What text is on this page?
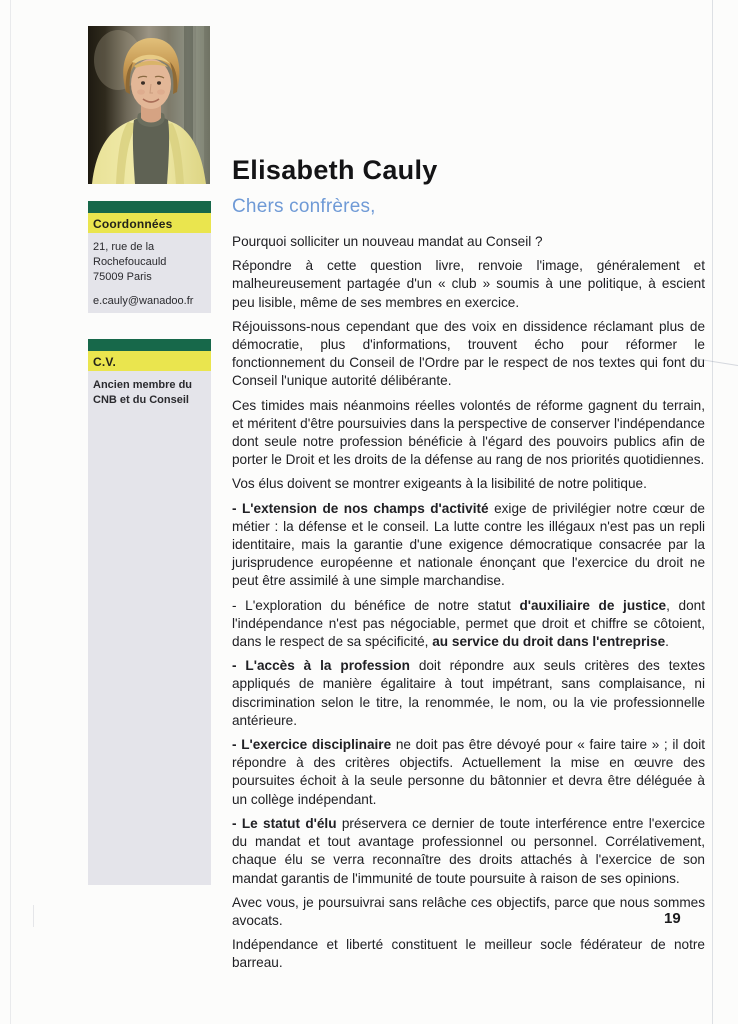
Elisabeth Cauly
Chers confrères,
Coordonnées
21, rue de la Rochefoucauld
75009 Paris
e.cauly@wanadoo.fr
C.V.
Ancien membre du CNB et du Conseil

Pourquoi solliciter un nouveau mandat au Conseil ?

Répondre à cette question livre, renvoie l'image, généralement et malheureusement partagée d'un « club » soumis à une politique, à escient peu lisible, même de ses membres en exercice.

Réjouissons-nous cependant que des voix en dissidence réclamant plus de démocratie, plus d'informations, trouvent écho pour réformer le fonctionnement du Conseil de l'Ordre par le respect de nos textes qui font du Conseil l'unique autorité délibérante.

Ces timides mais néanmoins réelles volontés de réforme gagnent du terrain, et méritent d'être poursuivies dans la perspective de conserver l'indépendance dont seule notre profession bénéficie à l'égard des pouvoirs publics afin de porter le Droit et les droits de la défense au rang de nos priorités quotidiennes.

Vos élus doivent se montrer exigeants à la lisibilité de notre politique.

- L'extension de nos champs d'activité exige de privilégier notre cœur de métier : la défense et le conseil. La lutte contre les illégaux n'est pas un repli identitaire, mais la garantie d'une exigence démocratique consacrée par la jurisprudence européenne et nationale énonçant que l'exercice du droit ne peut être assimilé à une simple marchandise.

- L'exploration du bénéfice de notre statut d'auxiliaire de justice, dont l'indépendance n'est pas négociable, permet que droit et chiffre se côtoient, dans le respect de sa spécificité, au service du droit dans l'entreprise.

- L'accès à la profession doit répondre aux seuls critères des textes appliqués de manière égalitaire à tout impétrant, sans complaisance, ni discrimination selon le titre, la renommée, le nom, ou la vie professionnelle antérieure.

- L'exercice disciplinaire ne doit pas être dévoyé pour « faire taire » ; il doit répondre à des critères objectifs. Actuellement la mise en œuvre des poursuites échoit à la seule personne du bâtonnier et devra être déléguée à un collège indépendant.

- Le statut d'élu préservera ce dernier de toute interférence entre l'exercice du mandat et tout avantage professionnel ou personnel. Corrélativement, chaque élu se verra reconnaître des droits attachés à l'exercice de son mandat garantis de l'immunité de toute poursuite à raison de ses opinions.

Avec vous, je poursuivrai sans relâche ces objectifs, parce que nous sommes avocats.

Indépendance et liberté constituent le meilleur socle fédérateur de notre barreau.

19
